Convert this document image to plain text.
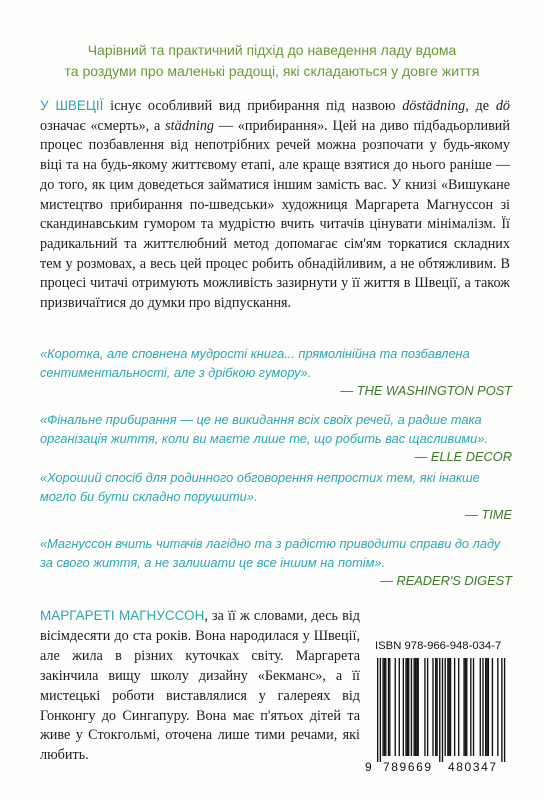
Чарівний та практичний підхід до наведення ладу вдома
та роздуми про маленькі радощі, які складаються у довге життя

У ШВЕЦІЇ існує особливий вид прибирання під назвою döstädning, де dö означає «смерть», а städning — «прибирання». Цей на диво підбадьорливий процес позбавлення від непотрібних речей можна розпочати у будь-якому віці та на будь-якому життєвому етапі, але краще взятися до нього раніше — до того, як цим доведеться займатися іншим замість вас. У книзі «Вишукане мистецтво прибирання по-шведськи» художниця Маргарета Магнуссон зі скандинавським гумором та мудрістю вчить читачів цінувати мінімалізм. Її радикальний та життєлюбний метод допомагає сім'ям торкатися складних тем у розмовах, а весь цей процес робить обнадійливим, а не обтяжливим. В процесі читачі отримують можливість зазирнути у її життя в Швеції, а також призвичаїтися до думки про відпускання.

«Коротка, але сповнена мудрості книга... прямолінійна та позбавлена сентиментальності, але з дрібкою гумору».

— THE WASHINGTON POST

«Фінальне прибирання — це не викидання всіх своїх речей, а радше така організація життя, коли ви маєте лише те, що робить вас щасливими».

— ELLE DECOR

«Хороший спосіб для родинного обговорення непростих тем, які інакше могло би бути складно порушити».

— TIME

«Магнуссон вчить читачів лагідно та з радістю приводити справи до ладу за свого життя, а не залишати це все іншим на потім».

— READER'S DIGEST

МАРГАРЕТІ МАГНУССОН, за її ж словами, десь від вісімдесяти до ста років. Вона народилася у Швеції, але жила в різних куточках світу. Маргарета закінчила вищу школу дизайну «Бекманс», а її мистецькі роботи виставлялися у галереях від Гонконгу до Сингапуру. Вона має п'ятьох дітей та живе у Стокгольмі, оточена лише тими речами, які любить.

ISBN 978-966-948-034-7
9 789669 480347
